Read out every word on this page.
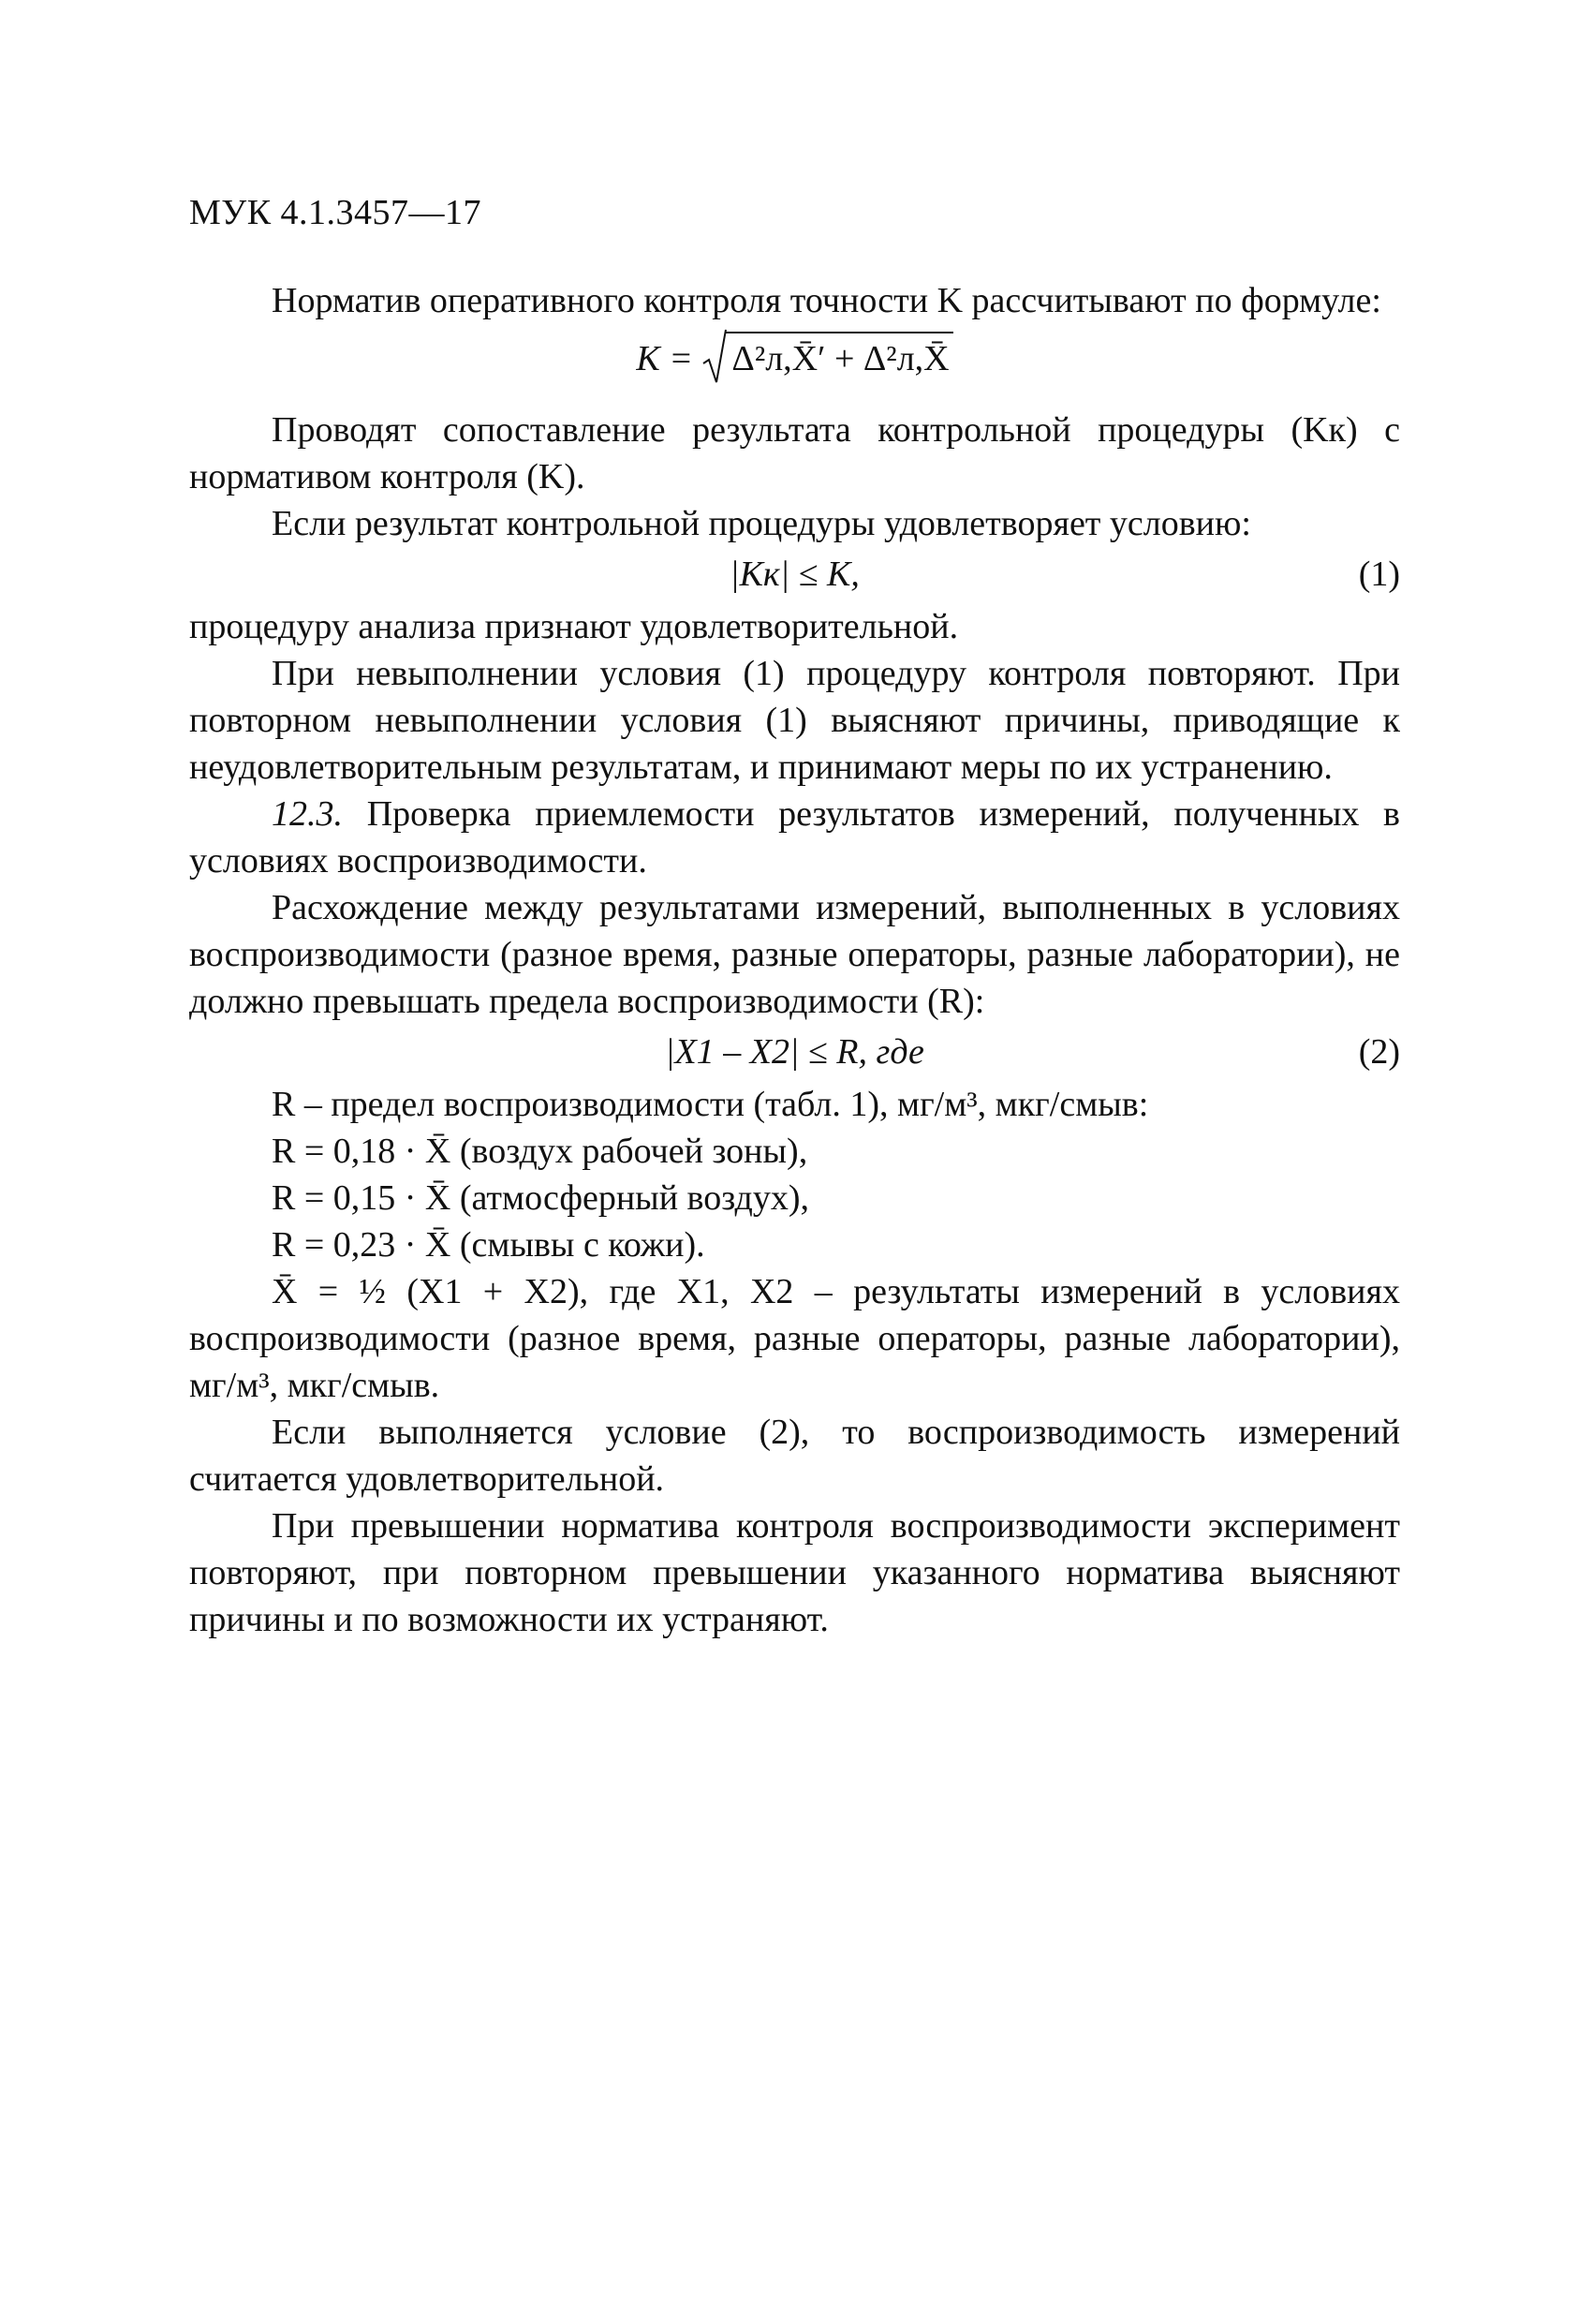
МУК 4.1.3457—17

Норматив оперативного контроля точности K рассчитывают по формуле:

K = Δ²л,X̄′ + Δ²л,X̄

Проводят сопоставление результата контрольной процедуры (Kк) с нормативом контроля (K).

Если результат контрольной процедуры удовлетворяет условию:

|Kк| ≤ K,	(1)

процедуру анализа признают удовлетворительной.

При невыполнении условия (1) процедуру контроля повторяют. При повторном невыполнении условия (1) выясняют причины, приводящие к неудовлетворительным результатам, и принимают меры по их устранению.

12.3. Проверка приемлемости результатов измерений, полученных в условиях воспроизводимости.

Расхождение между результатами измерений, выполненных в условиях воспроизводимости (разное время, разные операторы, разные лаборатории), не должно превышать предела воспроизводимости (R):

|X1 – X2| ≤ R, где	(2)

R – предел воспроизводимости (табл. 1), мг/м³, мкг/смыв:

R = 0,18 · X̄ (воздух рабочей зоны),

R = 0,15 · X̄ (атмосферный воздух),

R = 0,23 · X̄ (смывы с кожи).

X̄ = ½ (X1 + X2), где X1, X2 – результаты измерений в условиях воспроизводимости (разное время, разные операторы, разные лаборатории), мг/м³, мкг/смыв.

Если выполняется условие (2), то воспроизводимость измерений считается удовлетворительной.

При превышении норматива контроля воспроизводимости эксперимент повторяют, при повторном превышении указанного норматива выясняют причины и по возможности их устраняют.
